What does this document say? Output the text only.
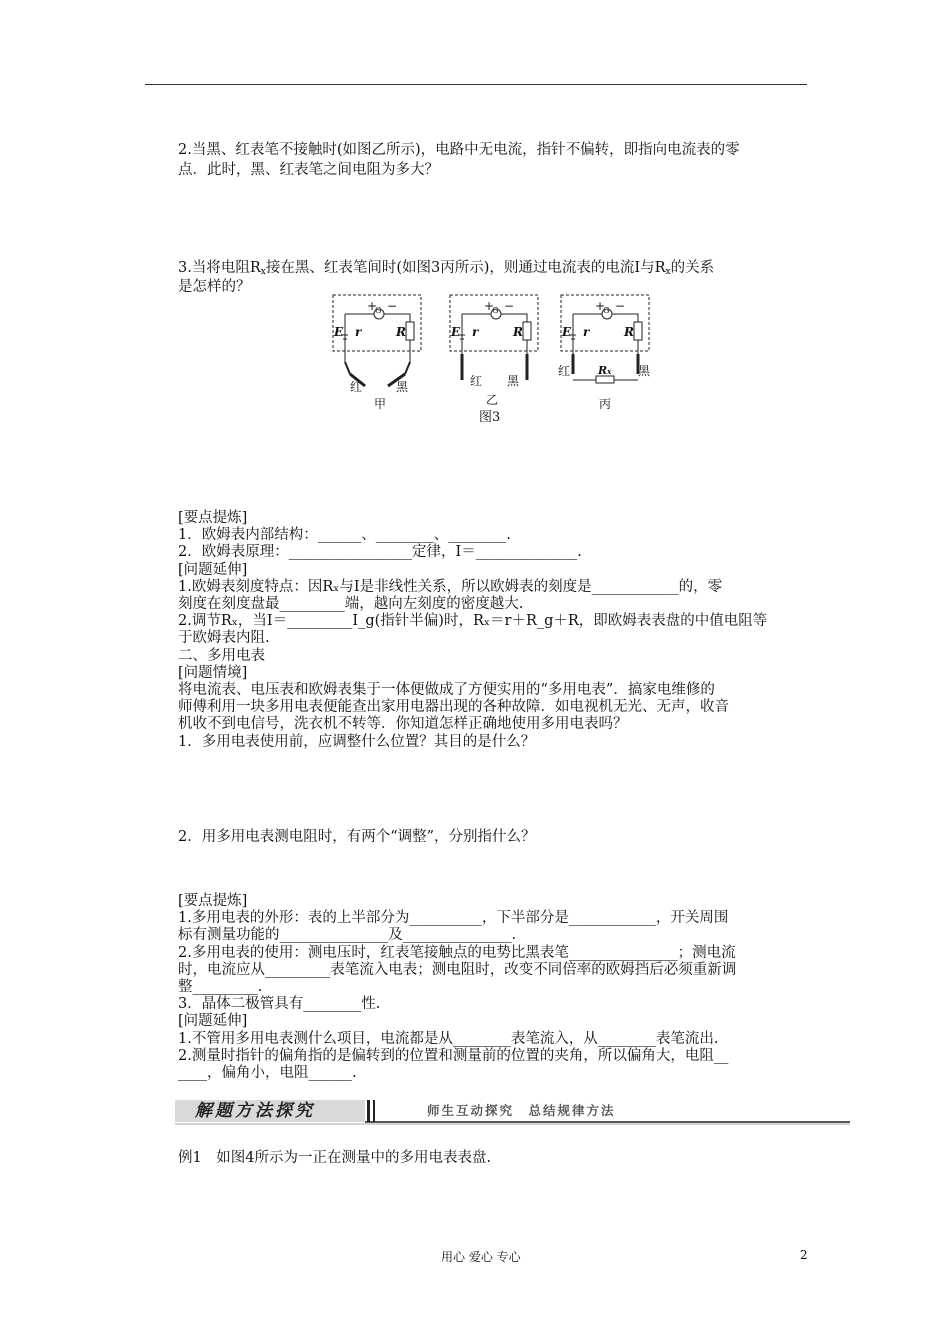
2.当黑、红表笔不接触时(如图乙所示)，电路中无电流，指针不偏转，即指向电流表的零
点．此时，黑、红表笔之间电阻为多大？
3.当将电阻$R_x$接在黑、红表笔间时(如图3丙所示)，则通过电流表的电流I与$R_x$的关系
是怎样的？
+
G −
E r	R
红	黑
甲
+
G −
E r	R
红 黑
乙
+
G −
E r	R
红	黑
Rx
丙
图3
[要点提炼]
1．欧姆表内部结构：______、________、________.
2．欧姆表原理：_________________定律，I＝______________.
[问题延伸]
1.欧姆表刻度特点：因Rₓ与I是非线性关系，所以欧姆表的刻度是____________的，零
刻度在刻度盘最_________端，越向左刻度的密度越大.
2.调节Rₓ，当I＝_________I_g(指针半偏)时，Rₓ＝r＋R_g＋R，即欧姆表表盘的中值电阻等
于欧姆表内阻.
二、多用电表
[问题情境]
将电流表、电压表和欧姆表集于一体便做成了方便实用的“多用电表”．搞家电维修的
师傅利用一块多用电表便能查出家用电器出现的各种故障．如电视机无光、无声，收音
机收不到电信号，洗衣机不转等．你知道怎样正确地使用多用电表吗？
1．多用电表使用前，应调整什么位置？其目的是什么？
2．用多用电表测电阻时，有两个“调整”，分别指什么？
[要点提炼]
1.多用电表的外形：表的上半部分为__________，下半部分是____________，开关周围
标有测量功能的_______________及_______________.
2.多用电表的使用：测电压时，红表笔接触点的电势比黑表笔_______________；测电流
时，电流应从_________表笔流入电表；测电阻时，改变不同倍率的欧姆挡后必须重新调
整_________.
3．晶体二极管具有________性.
[问题延伸]
1.不管用多用电表测什么项目，电流都是从________表笔流入，从________表笔流出.
2.测量时指针的偏角指的是偏转到的位置和测量前的位置的夹角，所以偏角大，电阻__
____，偏角小，电阻______.
解题方法探究	师生互动探究　总结规律方法
例1　如图4所示为一正在测量中的多用电表表盘.
用心 爱心 专心	2
